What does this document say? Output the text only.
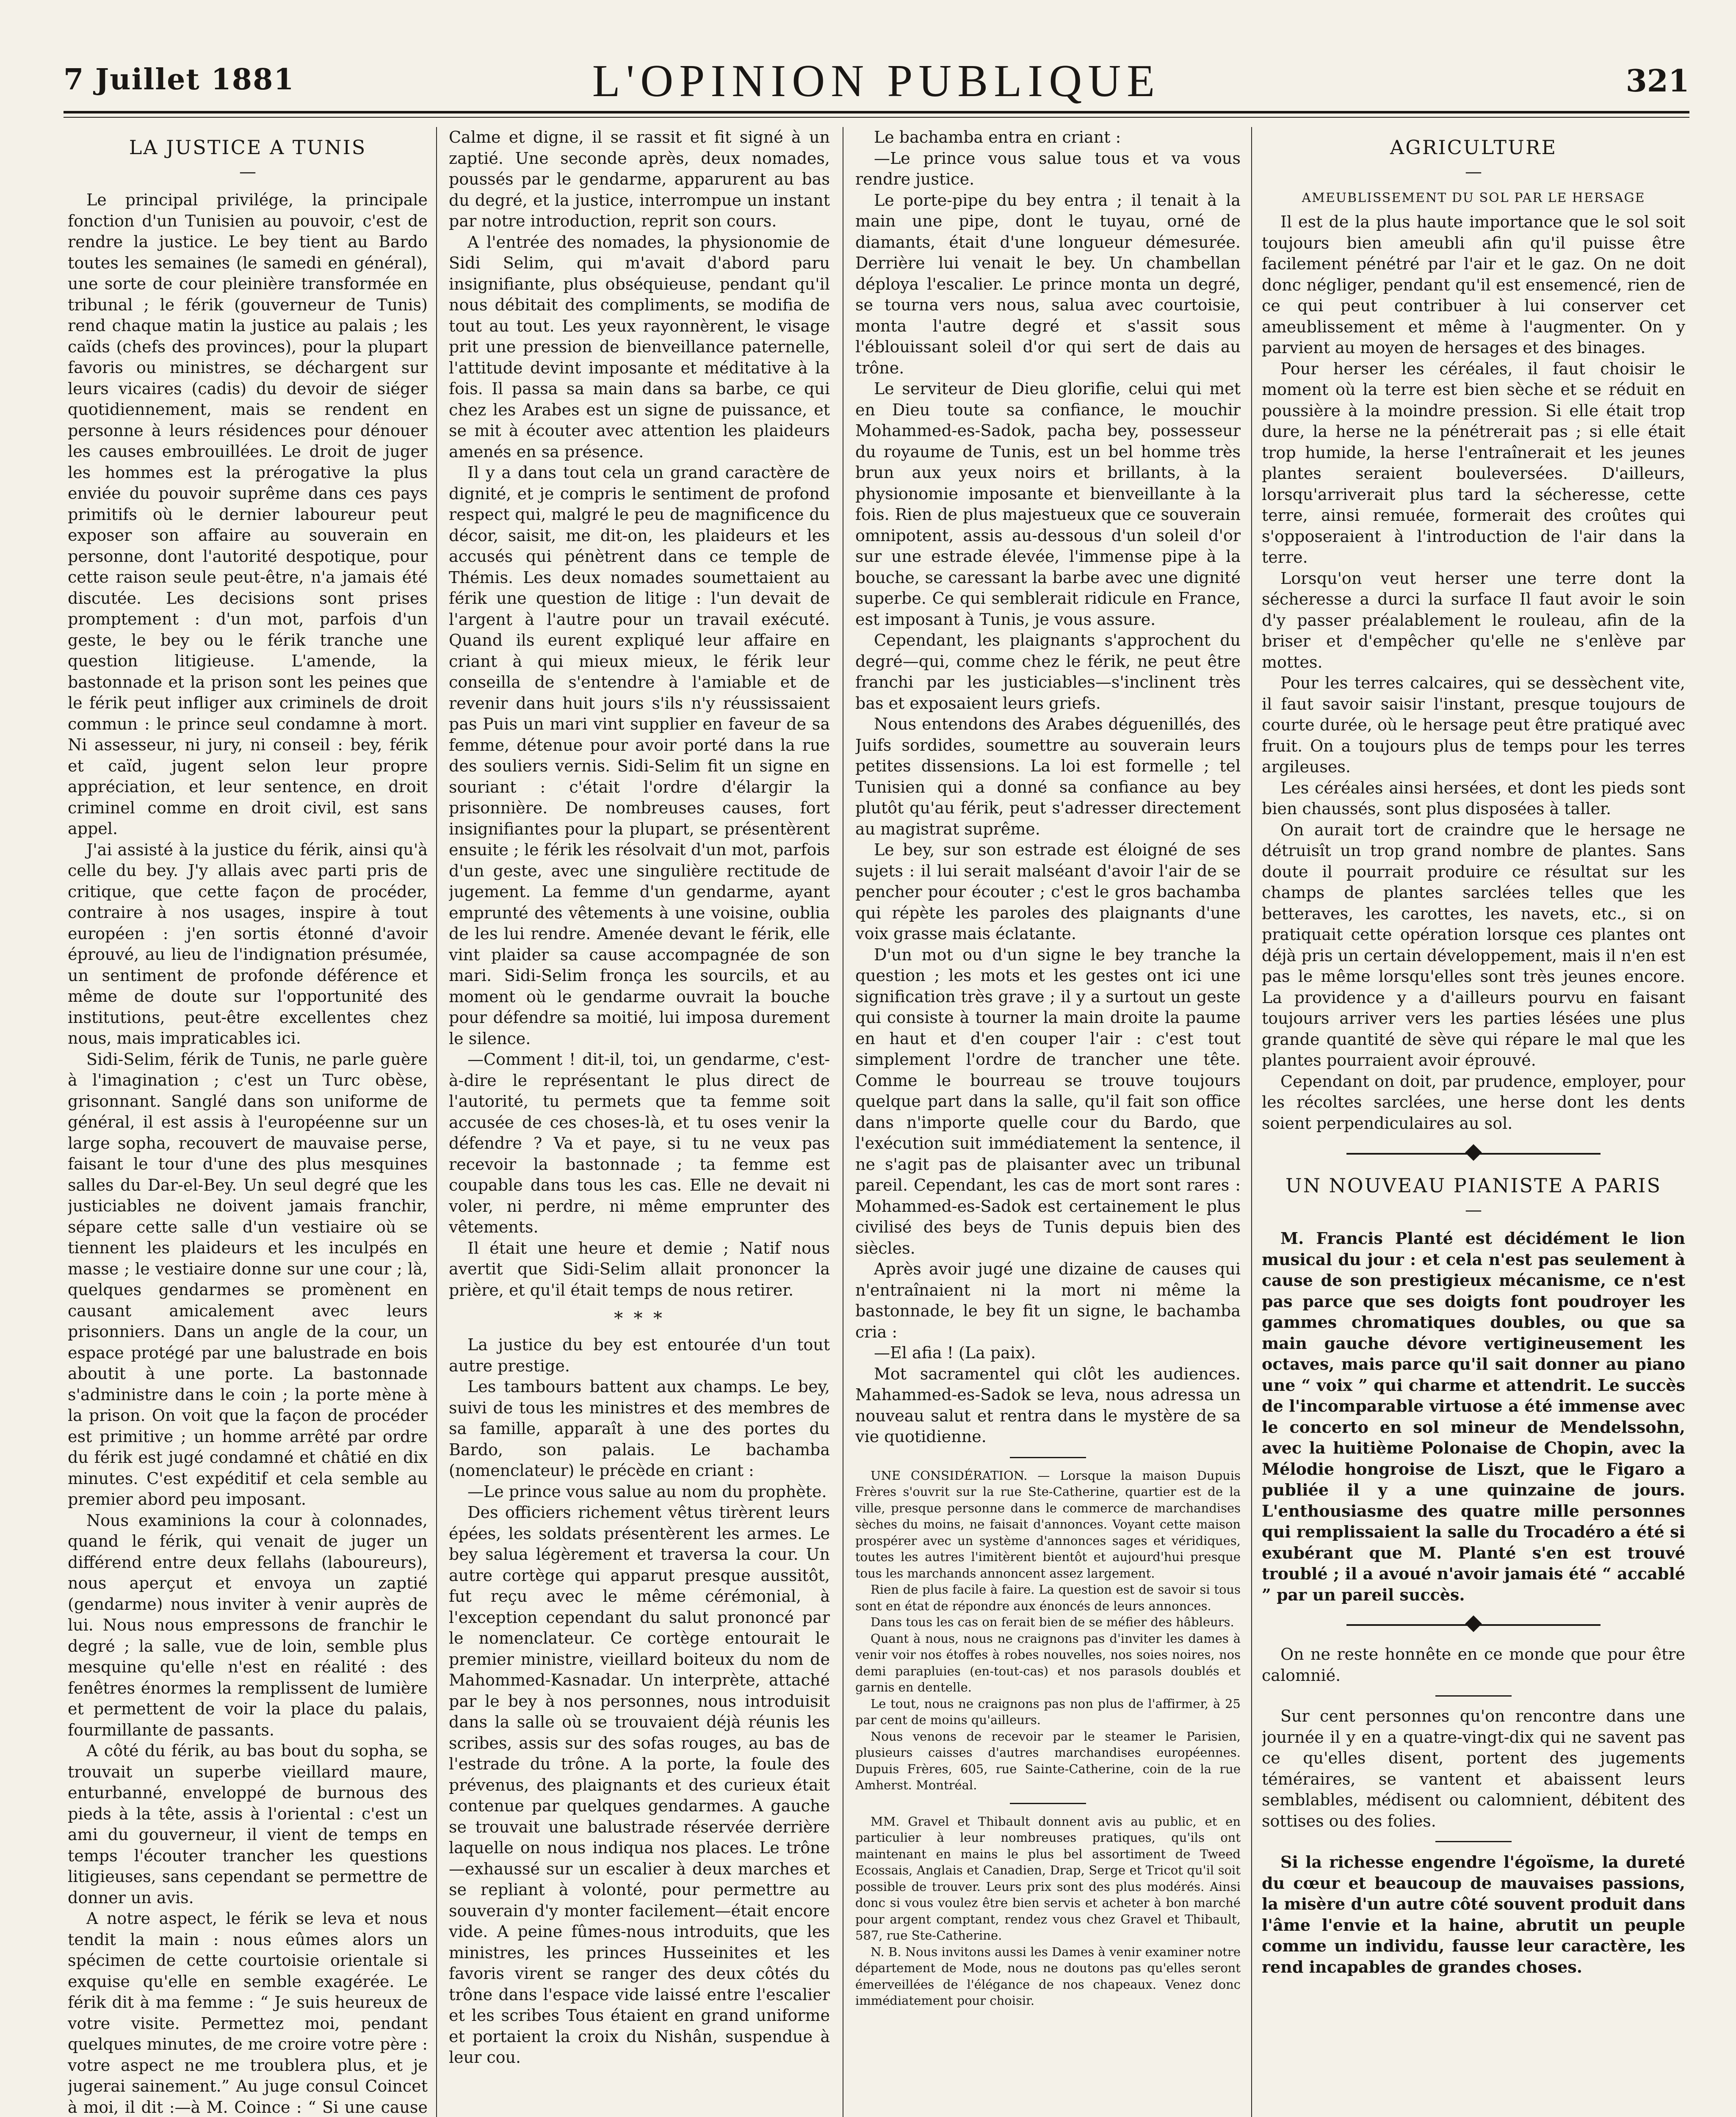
7 Juillet 1881	L'OPINION PUBLIQUE	321
LA JUSTICE A TUNIS
—

Le principal privilége, la principale fonction d'un Tunisien au pouvoir, c'est de rendre la justice. Le bey tient au Bardo toutes les semaines (le samedi en général), une sorte de cour pleinière transformée en tribunal ; le férik (gouverneur de Tunis) rend chaque matin la justice au palais ; les caïds (chefs des provinces), pour la plupart favoris ou ministres, se déchargent sur leurs vicaires (cadis) du devoir de siéger quotidiennement, mais se rendent en personne à leurs résidences pour dénouer les causes embrouillées. Le droit de juger les hommes est la prérogative la plus enviée du pouvoir suprême dans ces pays primitifs où le dernier laboureur peut exposer son affaire au souverain en personne, dont l'autorité despotique, pour cette raison seule peut-être, n'a jamais été discutée. Les decisions sont prises promptement : d'un mot, parfois d'un geste, le bey ou le férik tranche une question litigieuse. L'amende, la bastonnade et la prison sont les peines que le férik peut infliger aux criminels de droit commun : le prince seul condamne à mort. Ni assesseur, ni jury, ni conseil : bey, férik et caïd, jugent selon leur propre appréciation, et leur sentence, en droit criminel comme en droit civil, est sans appel.

J'ai assisté à la justice du férik, ainsi qu'à celle du bey. J'y allais avec parti pris de critique, que cette façon de procéder, contraire à nos usages, inspire à tout européen : j'en sortis étonné d'avoir éprouvé, au lieu de l'indignation présumée, un sentiment de profonde déférence et même de doute sur l'opportunité des institutions, peut-être excellentes chez nous, mais impraticables ici.

Sidi-Selim, férik de Tunis, ne parle guère à l'imagination ; c'est un Turc obèse, grisonnant. Sanglé dans son uniforme de général, il est assis à l'européenne sur un large sopha, recouvert de mauvaise perse, faisant le tour d'une des plus mesquines salles du Dar-el-Bey. Un seul degré que les justiciables ne doivent jamais franchir, sépare cette salle d'un vestiaire où se tiennent les plaideurs et les inculpés en masse ; le vestiaire donne sur une cour ; là, quelques gendarmes se promènent en causant amicalement avec leurs prisonniers. Dans un angle de la cour, un espace protégé par une balustrade en bois aboutit à une porte. La bastonnade s'administre dans le coin ; la porte mène à la prison. On voit que la façon de procéder est primitive ; un homme arrêté par ordre du férik est jugé condamné et châtié en dix minutes. C'est expéditif et cela semble au premier abord peu imposant.

Nous examinions la cour à colonnades, quand le férik, qui venait de juger un différend entre deux fellahs (laboureurs), nous aperçut et envoya un zaptié (gendarme) nous inviter à venir auprès de lui. Nous nous empressons de franchir le degré ; la salle, vue de loin, semble plus mesquine qu'elle n'est en réalité : des fenêtres énormes la remplissent de lumière et permettent de voir la place du palais, fourmillante de passants.

A côté du férik, au bas bout du sopha, se trouvait un superbe vieillard maure, enturbanné, enveloppé de burnous des pieds à la tête, assis à l'oriental : c'est un ami du gouverneur, il vient de temps en temps l'écouter trancher les questions litigieuses, sans cependant se permettre de donner un avis.

A notre aspect, le férik se leva et nous tendit la main : nous eûmes alors un spécimen de cette courtoisie orientale si exquise qu'elle en semble exagérée. Le férik dit à ma femme : “ Je suis heureux de votre visite. Permettez moi, pendant quelques minutes, de me croire votre père : votre aspect ne me troublera plus, et je jugerai sainement.” Au juge consul Coincet à moi, il dit :—à M. Coince : “ Si une cause

Calme et digne, il se rassit et fit signé à un zaptié. Une seconde après, deux nomades, poussés par le gendarme, apparurent au bas du degré, et la justice, interrompue un instant par notre introduction, reprit son cours.

A l'entrée des nomades, la physionomie de Sidi Selim, qui m'avait d'abord paru insignifiante, plus obséquieuse, pendant qu'il nous débitait des compliments, se modifia de tout au tout. Les yeux rayonnèrent, le visage prit une pression de bienveillance paternelle, l'attitude devint imposante et méditative à la fois. Il passa sa main dans sa barbe, ce qui chez les Arabes est un signe de puissance, et se mit à écouter avec attention les plaideurs amenés en sa présence.

Il y a dans tout cela un grand caractère de dignité, et je compris le sentiment de profond respect qui, malgré le peu de magnificence du décor, saisit, me dit-on, les plaideurs et les accusés qui pénètrent dans ce temple de Thémis. Les deux nomades soumettaient au férik une question de litige : l'un devait de l'argent à l'autre pour un travail exécuté. Quand ils eurent expliqué leur affaire en criant à qui mieux mieux, le férik leur conseilla de s'entendre à l'amiable et de revenir dans huit jours s'ils n'y réussissaient pas Puis un mari vint supplier en faveur de sa femme, détenue pour avoir porté dans la rue des souliers vernis. Sidi-Selim fit un signe en souriant : c'était l'ordre d'élargir la prisonnière. De nombreuses causes, fort insignifiantes pour la plupart, se présentèrent ensuite ; le férik les résolvait d'un mot, parfois d'un geste, avec une singulière rectitude de jugement. La femme d'un gendarme, ayant emprunté des vêtements à une voisine, oublia de les lui rendre. Amenée devant le férik, elle vint plaider sa cause accompagnée de son mari. Sidi-Selim fronça les sourcils, et au moment où le gendarme ouvrait la bouche pour défendre sa moitié, lui imposa durement le silence.

—Comment ! dit-il, toi, un gendarme, c'est-à-dire le représentant le plus direct de l'autorité, tu permets que ta femme soit accusée de ces choses-là, et tu oses venir la défendre ? Va et paye, si tu ne veux pas recevoir la bastonnade ; ta femme est coupable dans tous les cas. Elle ne devait ni voler, ni perdre, ni même emprunter des vêtements.

Il était une heure et demie ; Natif nous avertit que Sidi-Selim allait prononcer la prière, et qu'il était temps de nous retirer.

* * *

La justice du bey est entourée d'un tout autre prestige.

Les tambours battent aux champs. Le bey, suivi de tous les ministres et des membres de sa famille, apparaît à une des portes du Bardo, son palais. Le bachamba (nomenclateur) le précède en criant :

—Le prince vous salue au nom du prophète.

Des officiers richement vêtus tirèrent leurs épées, les soldats présentèrent les armes. Le bey salua légèrement et traversa la cour. Un autre cortège qui apparut presque aussitôt, fut reçu avec le même cérémonial, à l'exception cependant du salut prononcé par le nomenclateur. Ce cortège entourait le premier ministre, vieillard boiteux du nom de Mahommed-Kasnadar. Un interprète, attaché par le bey à nos personnes, nous introduisit dans la salle où se trouvaient déjà réunis les scribes, assis sur des sofas rouges, au bas de l'estrade du trône. A la porte, la foule des prévenus, des plaignants et des curieux était contenue par quelques gendarmes. A gauche se trouvait une balustrade réservée derrière laquelle on nous indiqua nos places. Le trône—exhaussé sur un escalier à deux marches et se repliant à volonté, pour permettre au souverain d'y monter facilement—était encore vide. A peine fûmes-nous introduits, que les ministres, les princes Husseinites et les favoris virent se ranger des deux côtés du trône dans l'espace vide laissé entre l'escalier et les scribes Tous étaient en grand uniforme et portaient la croix du Nishân, suspendue à leur cou.

Le bachamba entra en criant :

—Le prince vous salue tous et va vous rendre justice.

Le porte-pipe du bey entra ; il tenait à la main une pipe, dont le tuyau, orné de diamants, était d'une longueur démesurée. Derrière lui venait le bey. Un chambellan déploya l'escalier. Le prince monta un degré, se tourna vers nous, salua avec courtoisie, monta l'autre degré et s'assit sous l'éblouissant soleil d'or qui sert de dais au trône.

Le serviteur de Dieu glorifie, celui qui met en Dieu toute sa confiance, le mouchir Mohammed-es-Sadok, pacha bey, possesseur du royaume de Tunis, est un bel homme très brun aux yeux noirs et brillants, à la physionomie imposante et bienveillante à la fois. Rien de plus majestueux que ce souverain omnipotent, assis au-dessous d'un soleil d'or sur une estrade élevée, l'immense pipe à la bouche, se caressant la barbe avec une dignité superbe. Ce qui semblerait ridicule en France, est imposant à Tunis, je vous assure.

Cependant, les plaignants s'approchent du degré—qui, comme chez le férik, ne peut être franchi par les justiciables—s'inclinent très bas et exposaient leurs griefs.

Nous entendons des Arabes déguenillés, des Juifs sordides, soumettre au souverain leurs petites dissensions. La loi est formelle ; tel Tunisien qui a donné sa confiance au bey plutôt qu'au férik, peut s'adresser directement au magistrat suprême.

Le bey, sur son estrade est éloigné de ses sujets : il lui serait malséant d'avoir l'air de se pencher pour écouter ; c'est le gros bachamba qui répète les paroles des plaignants d'une voix grasse mais éclatante.

D'un mot ou d'un signe le bey tranche la question ; les mots et les gestes ont ici une signification très grave ; il y a surtout un geste qui consiste à tourner la main droite la paume en haut et d'en couper l'air : c'est tout simplement l'ordre de trancher une tête. Comme le bourreau se trouve toujours quelque part dans la salle, qu'il fait son office dans n'importe quelle cour du Bardo, que l'exécution suit immédiatement la sentence, il ne s'agit pas de plaisanter avec un tribunal pareil. Cependant, les cas de mort sont rares : Mohammed-es-Sadok est certainement le plus civilisé des beys de Tunis depuis bien des siècles.

Après avoir jugé une dizaine de causes qui n'entraînaient ni la mort ni même la bastonnade, le bey fit un signe, le bachamba cria :

—El afia ! (La paix).

Mot sacramentel qui clôt les audiences. Mahammed-es-Sadok se leva, nous adressa un nouveau salut et rentra dans le mystère de sa vie quotidienne.

UNE CONSIDÉRATION. — Lorsque la maison Dupuis Frères s'ouvrit sur la rue Ste-Catherine, quartier est de la ville, presque personne dans le commerce de marchandises sèches du moins, ne faisait d'annonces. Voyant cette maison prospérer avec un système d'annonces sages et véridiques, toutes les autres l'imitèrent bientôt et aujourd'hui presque tous les marchands annoncent assez largement.

Rien de plus facile à faire. La question est de savoir si tous sont en état de répondre aux énoncés de leurs annonces.

Dans tous les cas on ferait bien de se méfier des hâbleurs.

Quant à nous, nous ne craignons pas d'inviter les dames à venir voir nos étoffes à robes nouvelles, nos soies noires, nos demi parapluies (en-tout-cas) et nos parasols doublés et garnis en dentelle.

Le tout, nous ne craignons pas non plus de l'affirmer, à 25 par cent de moins qu'ailleurs.

Nous venons de recevoir par le steamer le Parisien, plusieurs caisses d'autres marchandises européennes. Dupuis Frères, 605, rue Sainte-Catherine, coin de la rue Amherst. Montréal.

MM. Gravel et Thibault donnent avis au public, et en particulier à leur nombreuses pratiques, qu'ils ont maintenant en mains le plus bel assortiment de Tweed Ecossais, Anglais et Canadien, Drap, Serge et Tricot qu'il soit possible de trouver. Leurs prix sont des plus modérés. Ainsi donc si vous voulez être bien servis et acheter à bon marché pour argent comptant, rendez vous chez Gravel et Thibault, 587, rue Ste-Catherine.

N. B. Nous invitons aussi les Dames à venir examiner notre département de Mode, nous ne doutons pas qu'elles seront émerveillées de l'élégance de nos chapeaux. Venez donc immédiatement pour choisir.

AGRICULTURE
—
AMEUBLISSEMENT DU SOL PAR LE HERSAGE

Il est de la plus haute importance que le sol soit toujours bien ameubli afin qu'il puisse être facilement pénétré par l'air et le gaz. On ne doit donc négliger, pendant qu'il est ensemencé, rien de ce qui peut contribuer à lui conserver cet ameublissement et même à l'augmenter. On y parvient au moyen de hersages et des binages.

Pour herser les céréales, il faut choisir le moment où la terre est bien sèche et se réduit en poussière à la moindre pression. Si elle était trop dure, la herse ne la pénétrerait pas ; si elle était trop humide, la herse l'entraînerait et les jeunes plantes seraient bouleversées. D'ailleurs, lorsqu'arriverait plus tard la sécheresse, cette terre, ainsi remuée, formerait des croûtes qui s'opposeraient à l'introduction de l'air dans la terre.

Lorsqu'on veut herser une terre dont la sécheresse a durci la surface Il faut avoir le soin d'y passer préalablement le rouleau, afin de la briser et d'empêcher qu'elle ne s'enlève par mottes.

Pour les terres calcaires, qui se dessèchent vite, il faut savoir saisir l'instant, presque toujours de courte durée, où le hersage peut être pratiqué avec fruit. On a toujours plus de temps pour les terres argileuses.

Les céréales ainsi hersées, et dont les pieds sont bien chaussés, sont plus disposées à taller.

On aurait tort de craindre que le hersage ne détruisît un trop grand nombre de plantes. Sans doute il pourrait produire ce résultat sur les champs de plantes sarclées telles que les betteraves, les carottes, les navets, etc., si on pratiquait cette opération lorsque ces plantes ont déjà pris un certain développement, mais il n'en est pas le même lorsqu'elles sont très jeunes encore. La providence y a d'ailleurs pourvu en faisant toujours arriver vers les parties lésées une plus grande quantité de sève qui répare le mal que les plantes pourraient avoir éprouvé.

Cependant on doit, par prudence, employer, pour les récoltes sarclées, une herse dont les dents soient perpendiculaires au sol.

UN NOUVEAU PIANISTE A PARIS
—

M. Francis Planté est décidément le lion musical du jour : et cela n'est pas seulement à cause de son prestigieux mécanisme, ce n'est pas parce que ses doigts font poudroyer les gammes chromatiques doubles, ou que sa main gauche dévore vertigineusement les octaves, mais parce qu'il sait donner au piano une “ voix ” qui charme et attendrit. Le succès de l'incomparable virtuose a été immense avec le concerto en sol mineur de Mendelssohn, avec la huitième Polonaise de Chopin, avec la Mélodie hongroise de Liszt, que le Figaro a publiée il y a une quinzaine de jours. L'enthousiasme des quatre mille personnes qui remplissaient la salle du Trocadéro a été si exubérant que M. Planté s'en est trouvé troublé ; il a avoué n'avoir jamais été “ accablé ” par un pareil succès.

On ne reste honnête en ce monde que pour être calomnié.

Sur cent personnes qu'on rencontre dans une journée il y en a quatre-vingt-dix qui ne savent pas ce qu'elles disent, portent des jugements téméraires, se vantent et abaissent leurs semblables, médisent ou calomnient, débitent des sottises ou des folies.

Si la richesse engendre l'égoïsme, la dureté du cœur et beaucoup de mauvaises passions, la misère d'un autre côté souvent produit dans l'âme l'envie et la haine, abrutit un peuple comme un individu, fausse leur caractère, les rend incapables de grandes choses.
